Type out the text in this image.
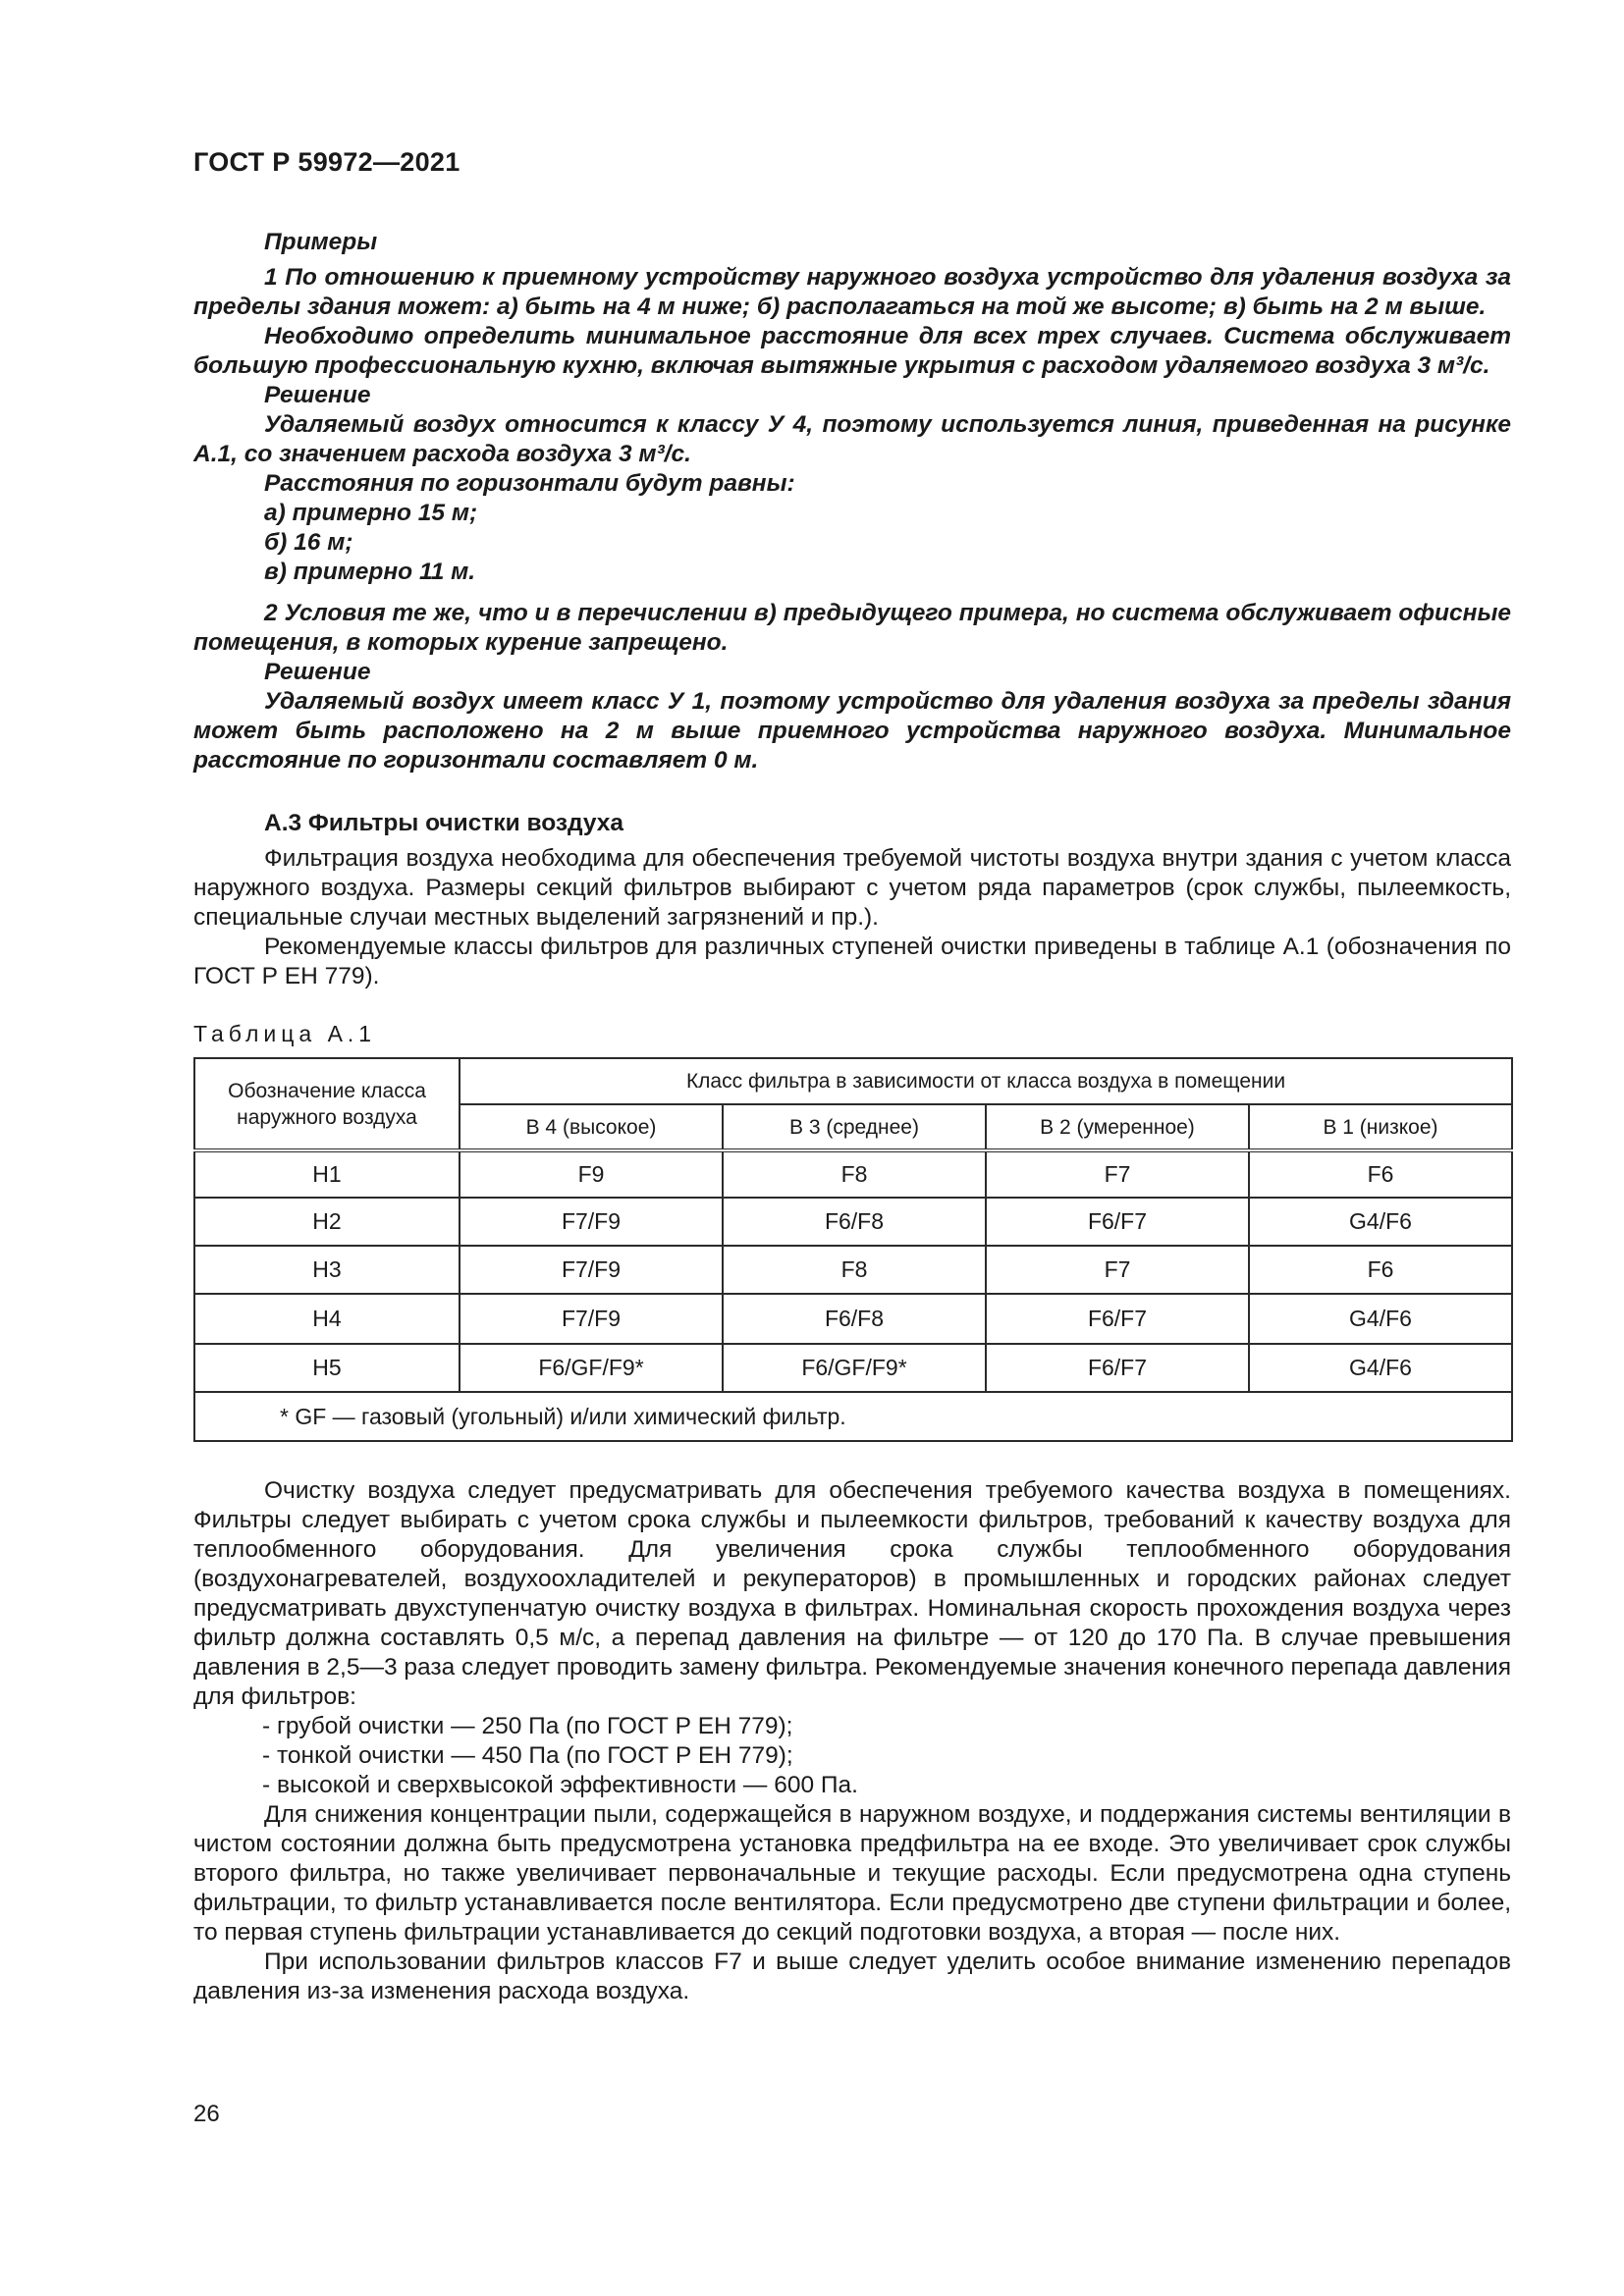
ГОСТ Р 59972—2021

Примеры

1 По отношению к приемному устройству наружного воздуха устройство для удаления воздуха за пределы здания может: а) быть на 4 м ниже; б) располагаться на той же высоте; в) быть на 2 м выше.

Необходимо определить минимальное расстояние для всех трех случаев. Система обслуживает большую профессиональную кухню, включая вытяжные укрытия с расходом удаляемого воздуха 3 м³/с.

Решение

Удаляемый воздух относится к классу У 4, поэтому используется линия, приведенная на рисунке А.1, со значением расхода воздуха 3 м³/с.

Расстояния по горизонтали будут равны:

а) примерно 15 м;

б) 16 м;

в) примерно 11 м.

2 Условия те же, что и в перечислении в) предыдущего примера, но система обслуживает офисные помещения, в которых курение запрещено.

Решение

Удаляемый воздух имеет класс У 1, поэтому устройство для удаления воздуха за пределы здания может быть расположено на 2 м выше приемного устройства наружного воздуха. Минимальное расстояние по горизонтали составляет 0 м.

А.3 Фильтры очистки воздуха

Фильтрация воздуха необходима для обеспечения требуемой чистоты воздуха внутри здания с учетом класса наружного воздуха. Размеры секций фильтров выбирают с учетом ряда параметров (срок службы, пылеемкость, специальные случаи местных выделений загрязнений и пр.).

Рекомендуемые классы фильтров для различных ступеней очистки приведены в таблице А.1 (обозначения по ГОСТ Р ЕН 779).

Таблица А.1
Обозначение класса наружного воздуха	Класс фильтра в зависимости от класса воздуха в помещении			
	В 4 (высокое)	В 3 (среднее)	В 2 (умеренное)	В 1 (низкое)
Н1	F9	F8	F7	F6
Н2	F7/F9	F6/F8	F6/F7	G4/F6
Н3	F7/F9	F8	F7	F6
Н4	F7/F9	F6/F8	F6/F7	G4/F6
Н5	F6/GF/F9*	F6/GF/F9*	F6/F7	G4/F6
* GF — газовый (угольный) и/или химический фильтр.				

Очистку воздуха следует предусматривать для обеспечения требуемого качества воздуха в помещениях. Фильтры следует выбирать с учетом срока службы и пылеемкости фильтров, требований к качеству воздуха для теплообменного оборудования. Для увеличения срока службы теплообменного оборудования (воздухонагревателей, воздухоохладителей и рекуператоров) в промышленных и городских районах следует предусматривать двухступенчатую очистку воздуха в фильтрах. Номинальная скорость прохождения воздуха через фильтр должна составлять 0,5 м/с, а перепад давления на фильтре — от 120 до 170 Па. В случае превышения давления в 2,5—3 раза следует проводить замену фильтра. Рекомендуемые значения конечного перепада давления для фильтров:

- грубой очистки — 250 Па (по ГОСТ Р ЕН 779);

- тонкой очистки — 450 Па (по ГОСТ Р ЕН 779);

- высокой и сверхвысокой эффективности — 600 Па.

Для снижения концентрации пыли, содержащейся в наружном воздухе, и поддержания системы вентиляции в чистом состоянии должна быть предусмотрена установка предфильтра на ее входе. Это увеличивает срок службы второго фильтра, но также увеличивает первоначальные и текущие расходы. Если предусмотрена одна ступень фильтрации, то фильтр устанавливается после вентилятора. Если предусмотрено две ступени фильтрации и более, то первая ступень фильтрации устанавливается до секций подготовки воздуха, а вторая — после них.

При использовании фильтров классов F7 и выше следует уделить особое внимание изменению перепадов давления из-за изменения расхода воздуха.

26
